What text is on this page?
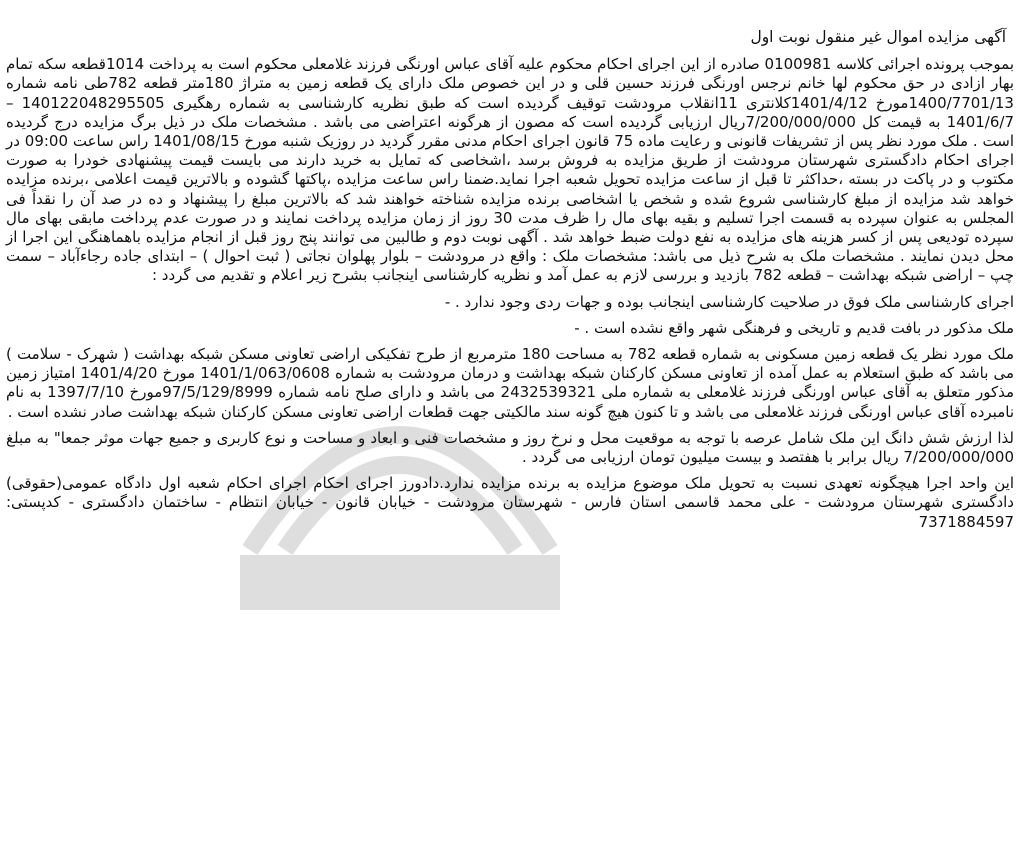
آگهی مزایده اموال غیر منقول نوبت اول

بموجب پرونده اجرائی کلاسه 0100981 صادره از این اجرای احکام محکوم علیه آقای عباس اورنگی فرزند غلامعلی محکوم است به پرداخت 1014قطعه سکه تمام بهار ازادی در حق محکوم لها خانم نرجس اورنگی فرزند حسین قلی و در این خصوص ملک دارای یک قطعه زمین به متراژ 180متر قطعه 782طی نامه شماره 1400/7701/13مورخ 1401/4/12کلانتری 11انقلاب مرودشت توقیف گردیده است که طبق نظریه کارشناسی به شماره رهگیری 140122048295505 – 1401/6/7 به قیمت کل 7/200/000/000ریال ارزیابی گردیده است که مصون از هرگونه اعتراضی می باشد . مشخصات ملک در ذیل برگ مزایده درج گردیده است . ملک مورد نظر پس از تشریفات قانونی و رعایت ماده 75 قانون اجرای احکام مدنی مقرر گردید در روزیک شنبه مورخ 1401/08/15 راس ساعت 09:00 در اجرای احکام دادگستری شهرستان مرودشت از طریق مزایده به فروش برسد ،اشخاصی که تمایل به خرید دارند می بایست قیمت پیشنهادی خودرا به صورت مکتوب و در پاکت در بسته ،حداکثر تا قبل از ساعت مزایده تحویل شعبه اجرا نماید.ضمنا راس ساعت مزایده ،پاکتها گشوده و بالاترین قیمت اعلامی ،برنده مزایده خواهد شد مزایده از مبلغ کارشناسی شروع شده و شخص یا اشخاصی برنده مزایده شناخته خواهند شد که بالاترین مبلغ را پیشنهاد و ده در صد آن را نقداً فی المجلس به عنوان سپرده به قسمت اجرا تسلیم و بقیه بهای مال را ظرف مدت 30 روز از زمان مزایده پرداخت نمایند و در صورت عدم پرداخت مابقی بهای مال سپرده تودیعی پس از کسر هزینه های مزایده به نفع دولت ضبط خواهد شد . آگهی نوبت دوم و طالبین می توانند پنج روز قبل از انجام مزایده باهماهنگی این اجرا از محل دیدن نمایند . مشخصات ملک به شرح ذیل می باشد: مشخصات ملک : واقع در مرودشت – بلوار پهلوان نجاتی ( ثبت احوال ) – ابتدای جاده رجاءآباد – سمت چپ – اراضی شبکه بهداشت – قطعه 782 بازدید و بررسی لازم به عمل آمد و نظریه کارشناسی اینجانب بشرح زیر اعلام و تقدیم می گردد :

اجرای کارشناسی ملک فوق در صلاحیت کارشناسی اینجانب بوده و جهات ردی وجود ندارد . -

ملک مذکور در بافت قدیم و تاریخی و فرهنگی شهر واقع نشده است . -

ملک مورد نظر یک قطعه زمین مسکونی به شماره قطعه 782 به مساحت 180 مترمربع از طرح تفکیکی اراضی تعاونی مسکن شبکه بهداشت ( شهرک - سلامت ) می باشد که طبق استعلام به عمل آمده از تعاونی مسکن کارکنان شبکه بهداشت و درمان مرودشت به شماره 1401/1/063/0608 مورخ 1401/4/20 امتیاز زمین مذکور متعلق به آقای عباس اورنگی فرزند غلامعلی به شماره ملی 2432539321 می باشد و دارای صلح نامه شماره 97/5/129/8999مورخ 1397/7/10 به نام نامبرده آقای عباس اورنگی فرزند غلامعلی می باشد و تا کنون هیچ گونه سند مالکیتی جهت قطعات اراضی تعاونی مسکن کارکنان شبکه بهداشت صادر نشده است .

لذا ارزش شش دانگ این ملک شامل عرصه با توجه به موقعیت محل و نرخ روز و مشخصات فنی و ابعاد و مساحت و نوع کاربری و جمیع جهات موثر جمعا" به مبلغ 7/200/000/000 ریال برابر با هفتصد و بیست میلیون تومان ارزیابی می گردد .

این واحد اجرا هیچگونه تعهدی نسبت به تحویل ملک موضوع مزایده به برنده مزایده ندارد.دادورز اجرای احکام اجرای احکام شعبه اول دادگاه عمومی(حقوقی) دادگستری شهرستان مرودشت - علی محمد قاسمی استان فارس - شهرستان مرودشت - خیابان قانون - خیابان انتظام - ساختمان دادگستری - کدپستی: 7371884597
